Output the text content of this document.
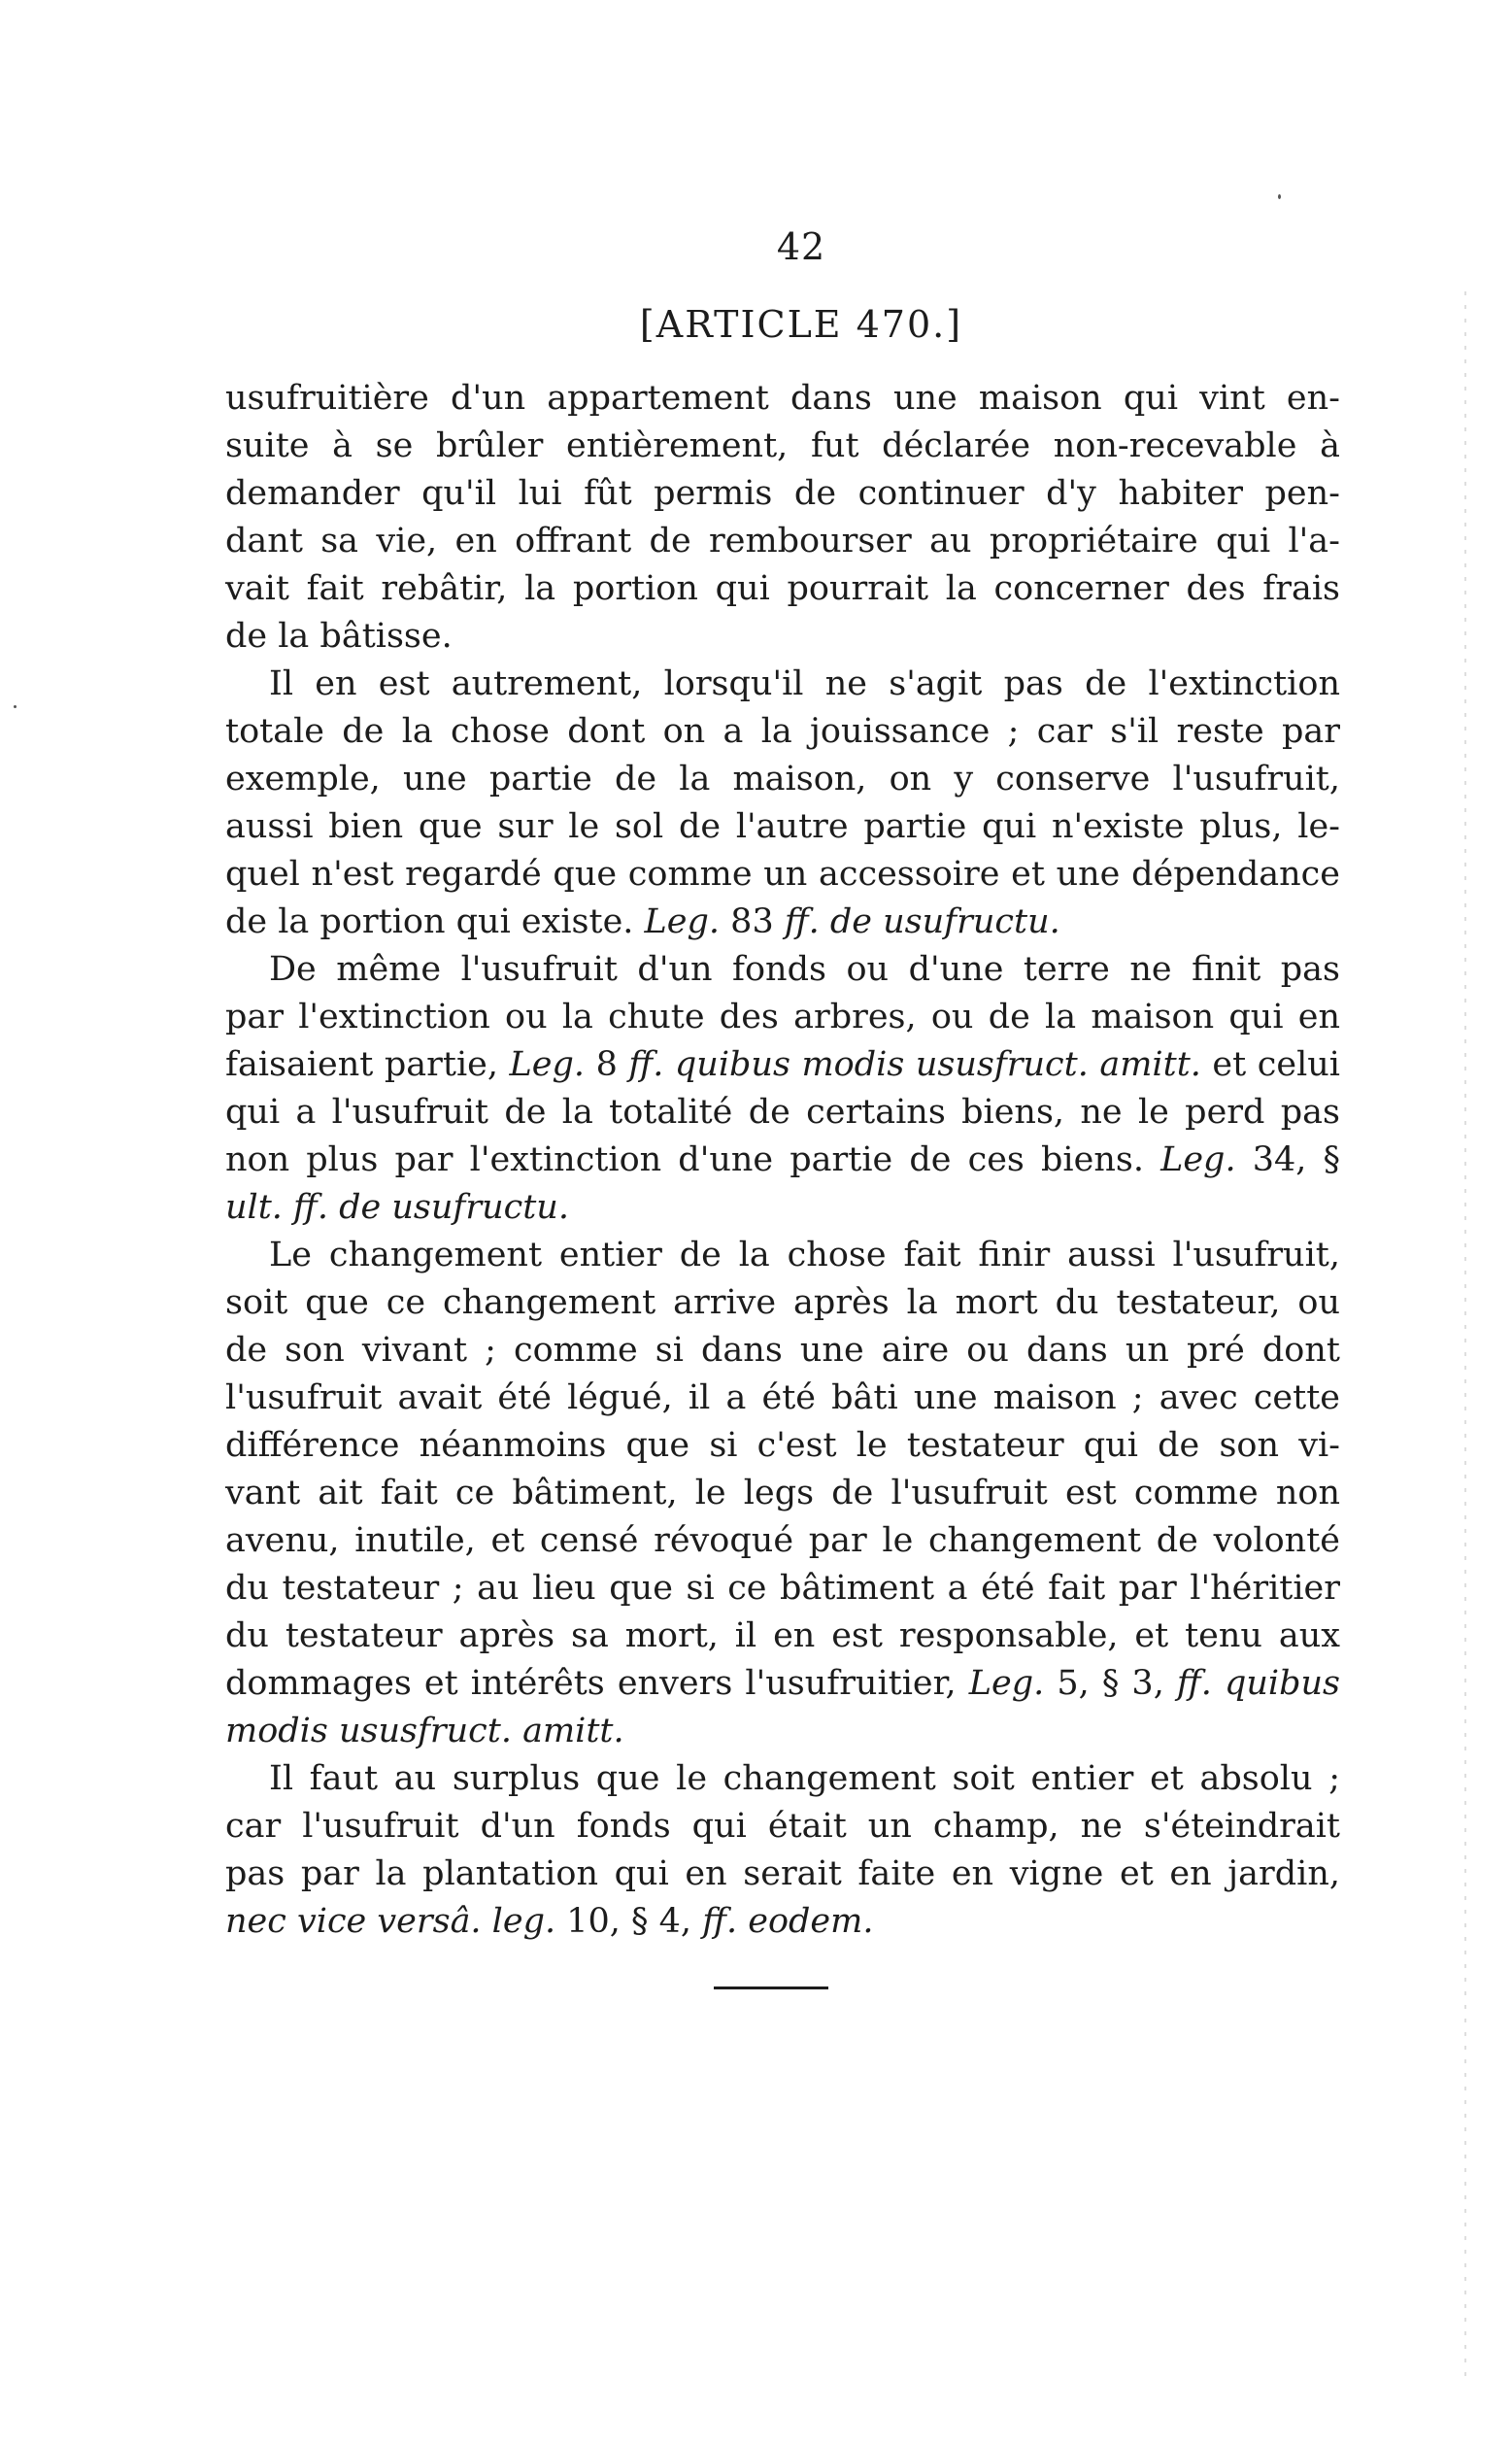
42
[ARTICLE 470.]
usufruitière d'un appartement dans une maison qui vint en-
suite à se brûler entièrement, fut déclarée non-recevable à
demander qu'il lui fût permis de continuer d'y habiter pen-
dant sa vie, en offrant de rembourser au propriétaire qui l'a-
vait fait rebâtir, la portion qui pourrait la concerner des frais
de la bâtisse.
Il en est autrement, lorsqu'il ne s'agit pas de l'extinction
totale de la chose dont on a la jouissance ; car s'il reste par
exemple, une partie de la maison, on y conserve l'usufruit,
aussi bien que sur le sol de l'autre partie qui n'existe plus, le-
quel n'est regardé que comme un accessoire et une dépendance
de la portion qui existe. Leg. 83 ff. de usufructu.
De même l'usufruit d'un fonds ou d'une terre ne finit pas
par l'extinction ou la chute des arbres, ou de la maison qui en
faisaient partie, Leg. 8 ff. quibus modis ususfruct. amitt. et celui
qui a l'usufruit de la totalité de certains biens, ne le perd pas
non plus par l'extinction d'une partie de ces biens. Leg. 34, §
ult. ff. de usufructu.
Le changement entier de la chose fait finir aussi l'usufruit,
soit que ce changement arrive après la mort du testateur, ou
de son vivant ; comme si dans une aire ou dans un pré dont
l'usufruit avait été légué, il a été bâti une maison ; avec cette
différence néanmoins que si c'est le testateur qui de son vi-
vant ait fait ce bâtiment, le legs de l'usufruit est comme non
avenu, inutile, et censé révoqué par le changement de volonté
du testateur ; au lieu que si ce bâtiment a été fait par l'héritier
du testateur après sa mort, il en est responsable, et tenu aux
dommages et intérêts envers l'usufruitier, Leg. 5, § 3, ff. quibus
modis ususfruct. amitt.
Il faut au surplus que le changement soit entier et absolu ;
car l'usufruit d'un fonds qui était un champ, ne s'éteindrait
pas par la plantation qui en serait faite en vigne et en jardin,
nec vice versâ. leg. 10, § 4, ff. eodem.
